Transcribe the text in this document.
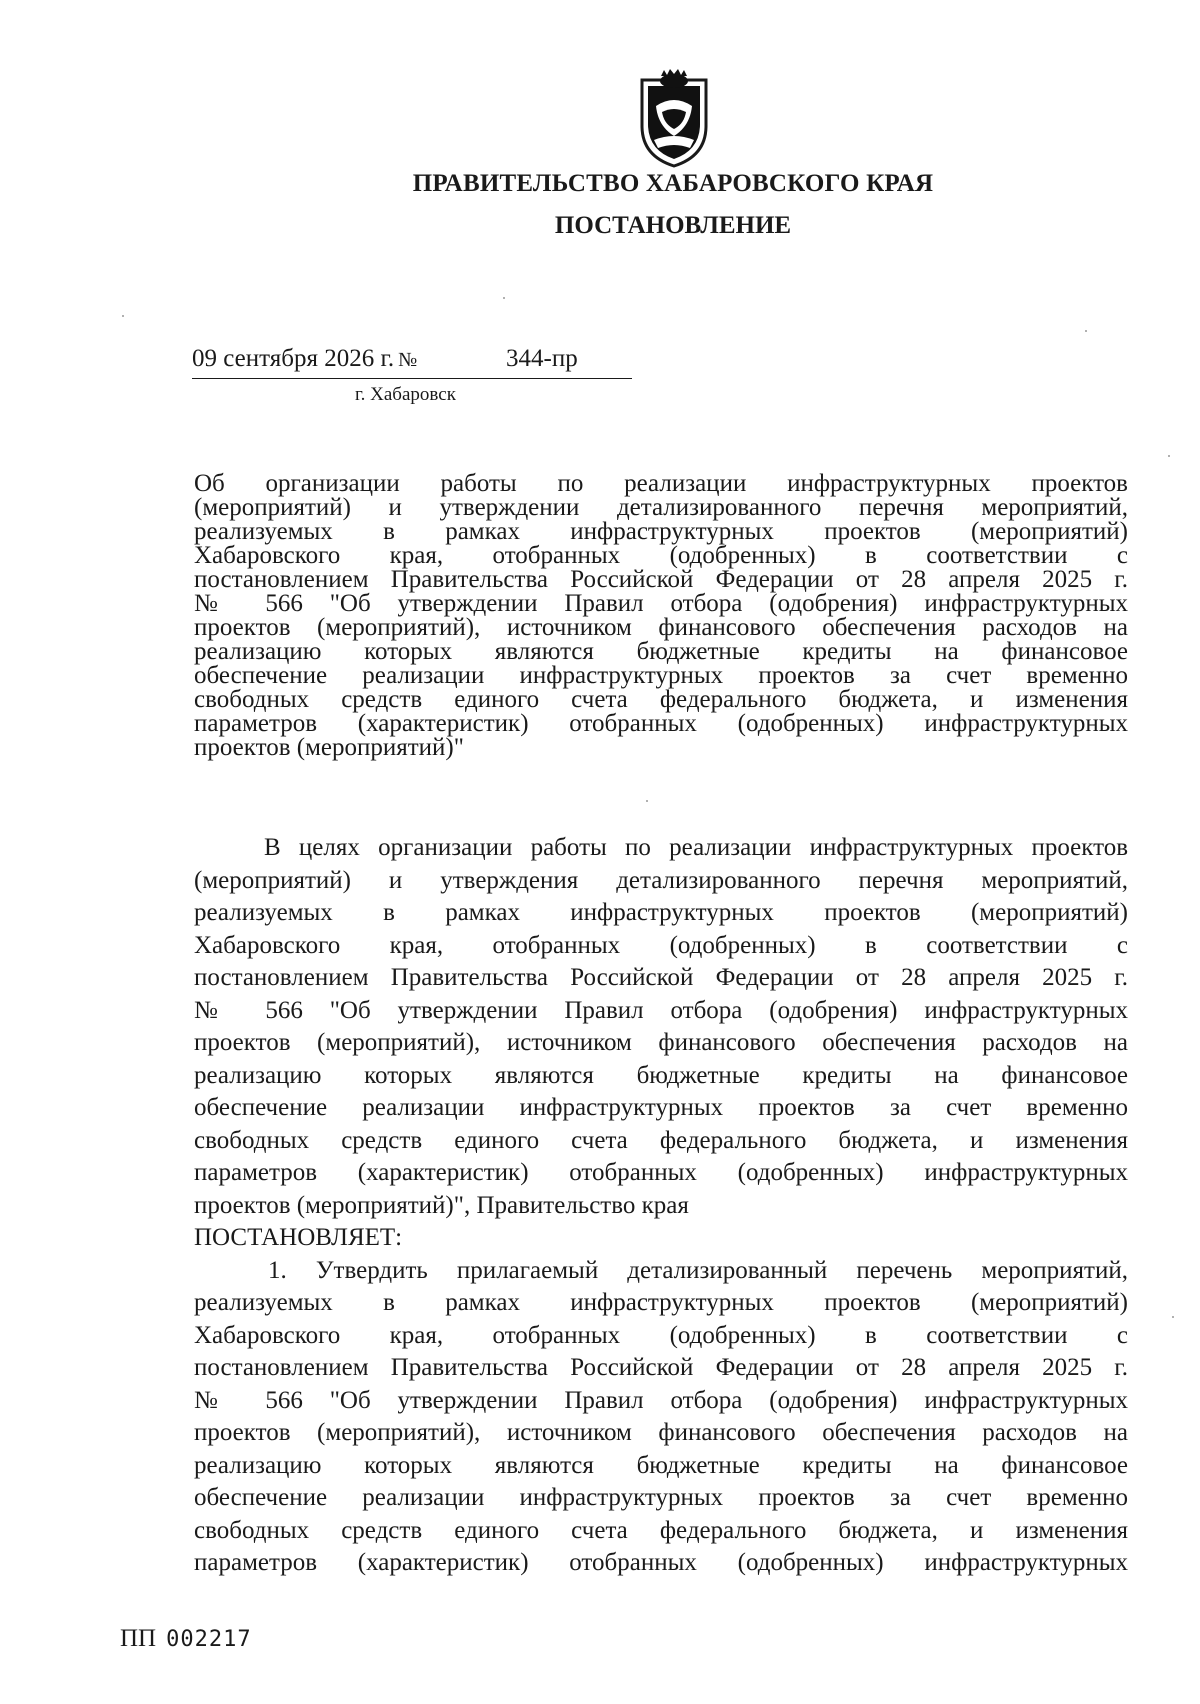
ПРАВИТЕЛЬСТВО ХАБАРОВСКОГО КРАЯ
ПОСТАНОВЛЕНИЕ
09 сентября 2026 г. №	344-пр
г. Хабаровск
Об организации работы по реализации инфраструктурных проектов
(мероприятий) и утверждении детализированного перечня мероприятий,
реализуемых в рамках инфраструктурных проектов (мероприятий)
Хабаровского края, отобранных (одобренных) в соответствии с
постановлением Правительства Российской Федерации от 28 апреля 2025 г.
№ 566 "Об утверждении Правил отбора (одобрения) инфраструктурных
проектов (мероприятий), источником финансового обеспечения расходов на
реализацию которых являются бюджетные кредиты на финансовое
обеспечение реализации инфраструктурных проектов за счет временно
свободных средств единого счета федерального бюджета, и изменения
параметров (характеристик) отобранных (одобренных) инфраструктурных
проектов (мероприятий)"
В целях организации работы по реализации инфраструктурных проектов
(мероприятий) и утверждения детализированного перечня мероприятий,
реализуемых в рамках инфраструктурных проектов (мероприятий)
Хабаровского края, отобранных (одобренных) в соответствии с
постановлением Правительства Российской Федерации от 28 апреля 2025 г.
№ 566 "Об утверждении Правил отбора (одобрения) инфраструктурных
проектов (мероприятий), источником финансового обеспечения расходов на
реализацию которых являются бюджетные кредиты на финансовое
обеспечение реализации инфраструктурных проектов за счет временно
свободных средств единого счета федерального бюджета, и изменения
параметров (характеристик) отобранных (одобренных) инфраструктурных
проектов (мероприятий)", Правительство края
ПОСТАНОВЛЯЕТ:
1. Утвердить прилагаемый детализированный перечень мероприятий,
реализуемых в рамках инфраструктурных проектов (мероприятий)
Хабаровского края, отобранных (одобренных) в соответствии с
постановлением Правительства Российской Федерации от 28 апреля 2025 г.
№ 566 "Об утверждении Правил отбора (одобрения) инфраструктурных
проектов (мероприятий), источником финансового обеспечения расходов на
реализацию которых являются бюджетные кредиты на финансовое
обеспечение реализации инфраструктурных проектов за счет временно
свободных средств единого счета федерального бюджета, и изменения
параметров (характеристик) отобранных (одобренных) инфраструктурных
ПП 002217
